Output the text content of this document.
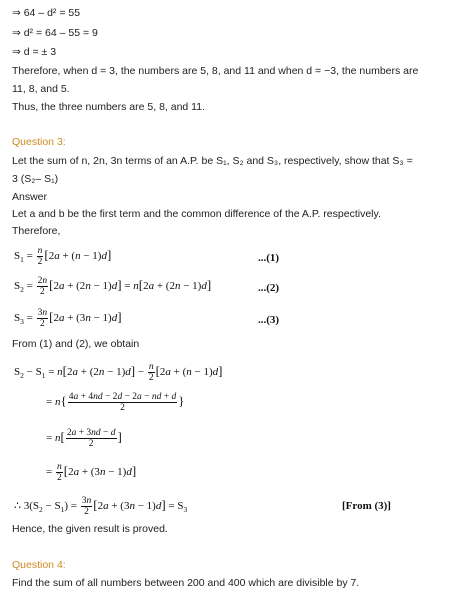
⇒ 64 – d² = 55
⇒ d² = 64 – 55 = 9
⇒ d = ± 3
Therefore, when d = 3, the numbers are 5, 8, and 11 and when d = −3, the numbers are
11, 8, and 5.
Thus, the three numbers are 5, 8, and 11.
Question 3:
Let the sum of n, 2n, 3n terms of an A.P. be S₁, S₂ and S₃, respectively, show that S₃ =
3 (S₂– S₁)
Answer
Let a and b be the first term and the common difference of the A.P. respectively.
Therefore,
$S_1 = \frac{n}{2} [2a + (n - 1)d]$	...(1)
$S_2 = \frac{2n}{2} [2a + (2n - 1)d] = n[2a + (2n - 1)d]$	...(2)
$S_3 = \frac{3n}{2} [2a + (3n - 1)d]$	...(3)
From (1) and (2), we obtain
$S_2 - S_1 = n[2a + (2n - 1)d] - \frac{n}{2} [2a + (n - 1)d]$
= $n\{ \frac{4a + 4nd - 2d - 2a - nd + d}{2}$ }
= $n[ \frac{2a + 3nd - d}{2}$ ]
= $\frac{n}{2} [2a + (3n - 1)d]$
∴ $3(S_2 - S_1) = \frac{3n}{2} [2a + (3n - 1)d] = S_3$	[From (3)]
Hence, the given result is proved.
Question 4:
Find the sum of all numbers between 200 and 400 which are divisible by 7.
